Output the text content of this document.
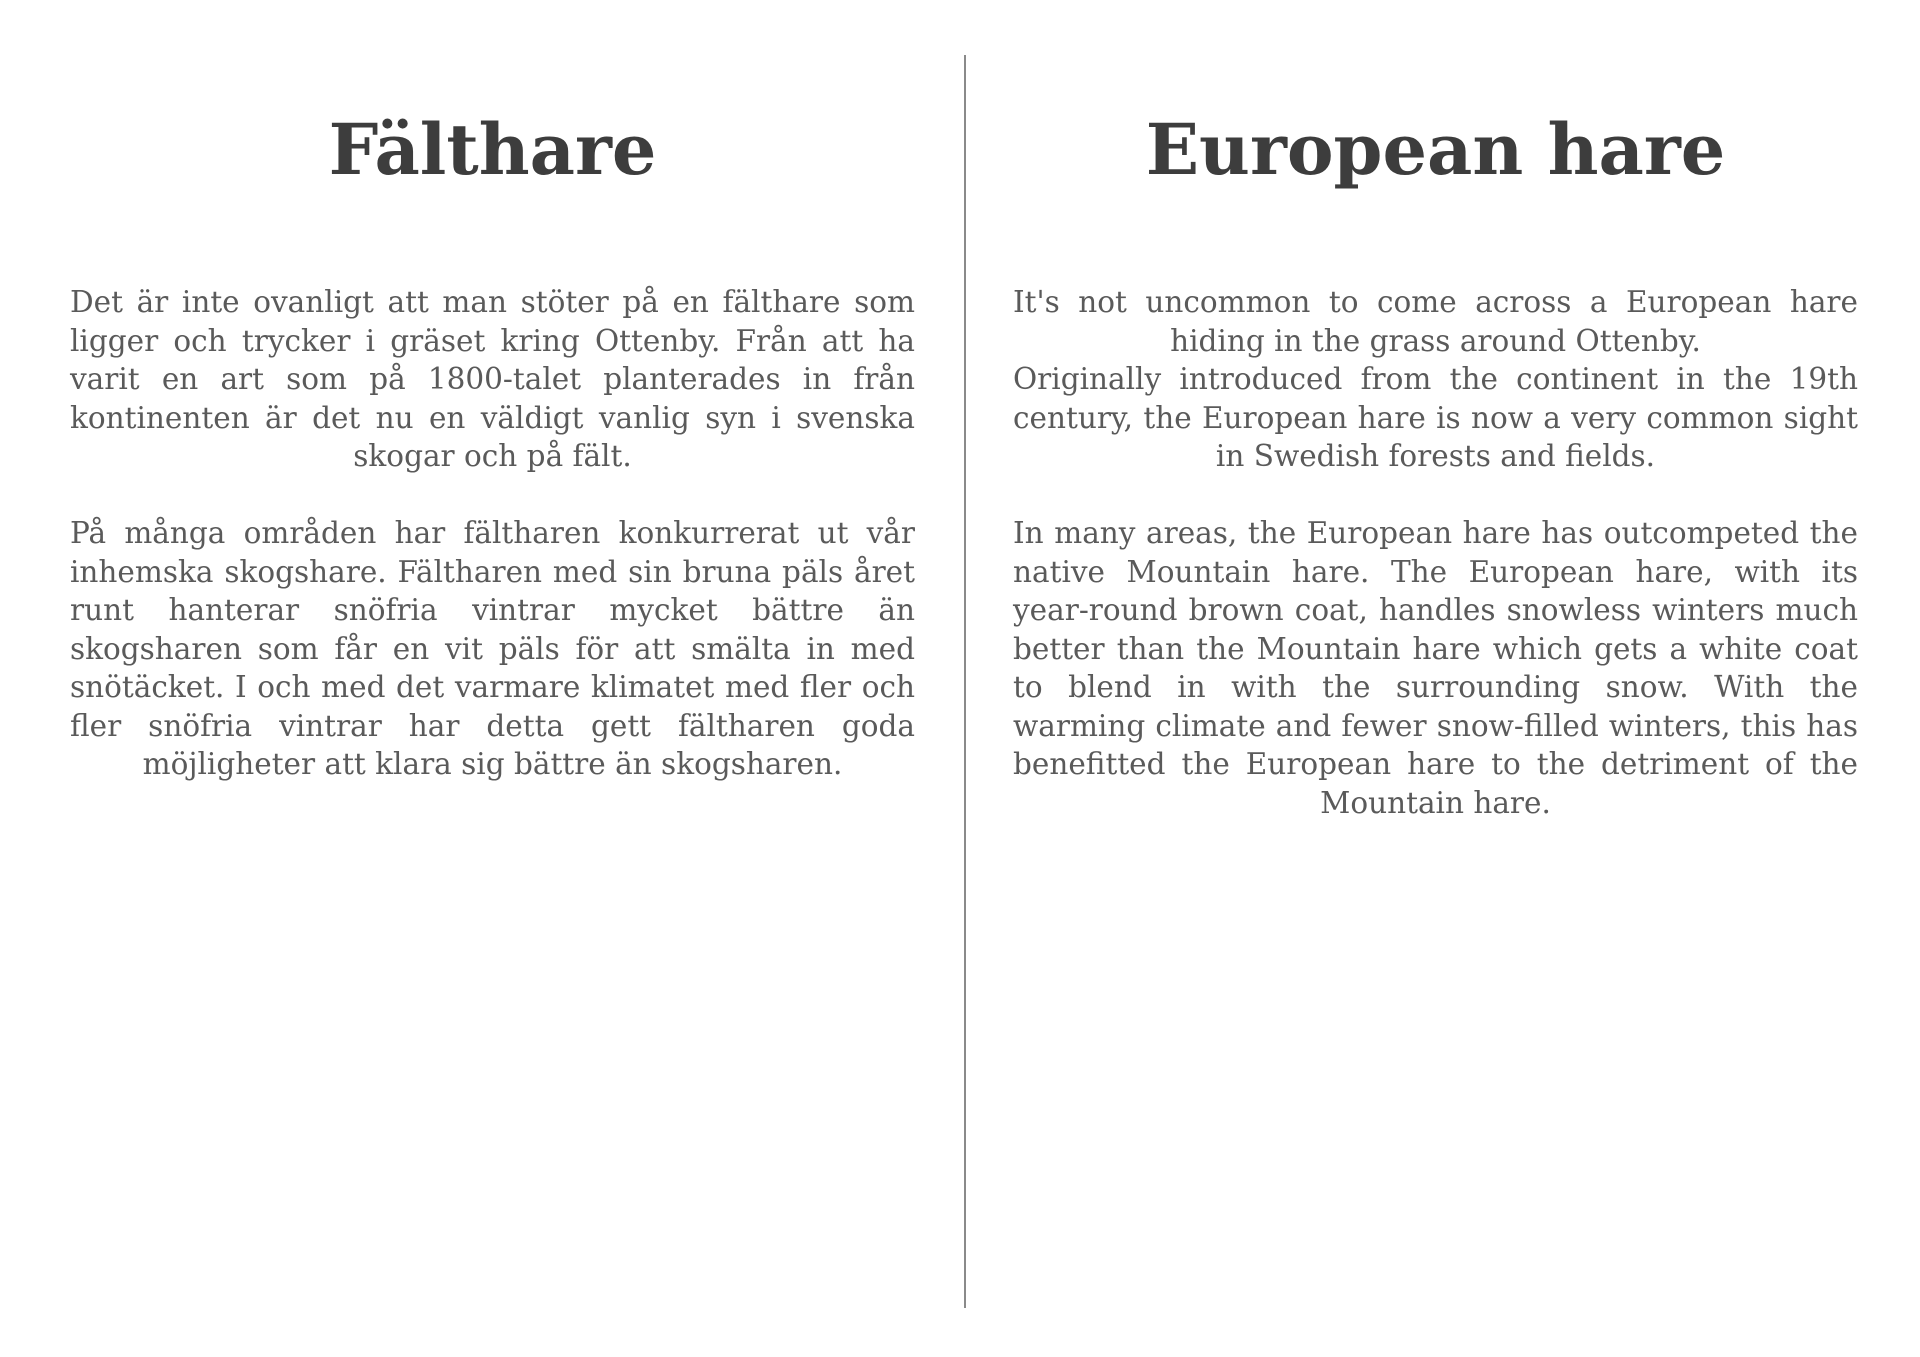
Fälthare

Det är inte ovanligt att man stöter på en fälthare som ligger och trycker i gräset kring Ottenby. Från att ha varit en art som på 1800-talet planterades in från kontinenten är det nu en väldigt vanlig syn i svenska skogar och på fält.

På många områden har fältharen konkurrerat ut vår inhemska skogshare. Fältharen med sin bruna päls året runt hanterar snöfria vintrar mycket bättre än skogsharen som får en vit päls för att smälta in med snötäcket. I och med det varmare klimatet med fler och fler snöfria vintrar har detta gett fältharen goda möjligheter att klara sig bättre än skogsharen.

European hare

It's not uncommon to come across a European hare hiding in the grass around Ottenby.

Originally introduced from the continent in the 19th century, the European hare is now a very common sight in Swedish forests and fields.

In many areas, the European hare has outcompeted the native Mountain hare. The European hare, with its year-round brown coat, handles snowless winters much better than the Mountain hare which gets a white coat to blend in with the surrounding snow. With the warming climate and fewer snow-filled winters, this has benefitted the European hare to the detriment of the Mountain hare.
